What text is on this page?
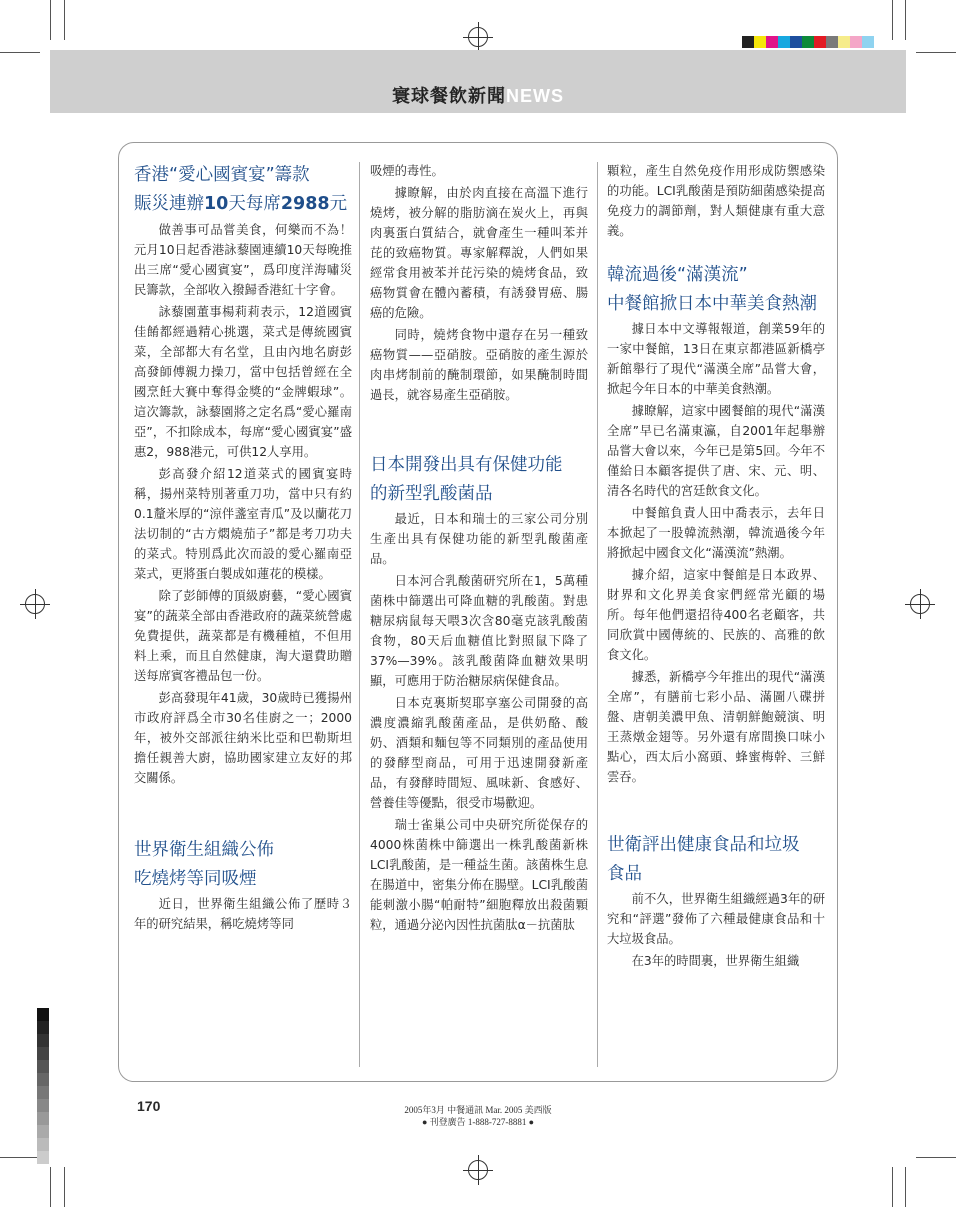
寰球餐飲新聞NEWS
香港“愛心國賓宴”籌款
賑災連辦10天每席2988元

做善事可品嘗美食，何樂而不為！元月10日起香港詠藜園連續10天每晚推出三席“愛心國賓宴”，爲印度洋海嘯災民籌款，全部收入撥歸香港紅十字會。

詠藜園董事楊莉莉表示，12道國賓佳餚都經過精心挑選，菜式是傳統國賓菜，全部都大有名堂，且由內地名廚彭高發師傅親力操刀，當中包括曾經在全國烹飪大賽中奪得金獎的“金牌蝦球”。這次籌款，詠藜園將之定名爲“愛心羅南亞”，不扣除成本，每席“愛心國賓宴”盛惠2，988港元，可供12人享用。

彭高發介紹12道菜式的國賓宴時稱，揚州菜特別著重刀功，當中只有約0.1釐米厚的“涼伴盞室青瓜”及以蘭花刀法切制的“古方燜燒茄子”都是考刀功夫的菜式。特別爲此次而設的愛心羅南亞菜式，更將蛋白製成如蓮花的模樣。

除了彭師傅的頂級廚藝，“愛心國賓宴”的蔬菜全部由香港政府的蔬菜統營處免費提供，蔬菜都是有機種植，不但用料上乘，而且自然健康，淘大還費助贈送每席賓客禮品包一份。

彭高發現年41歲，30歲時已獲揚州市政府評爲全市30名佳廚之一；2000年，被外交部派往納米比亞和巴勒斯坦擔任親善大廚，協助國家建立友好的邦交關係。

世界衛生組織公佈
吃燒烤等同吸煙

近日，世界衛生組織公佈了歷時３年的研究結果，稱吃燒烤等同

吸煙的毒性。

據瞭解，由於肉直接在高溫下進行燒烤，被分解的脂肪滴在炭火上，再與肉裏蛋白質結合，就會產生一種叫苯并芘的致癌物質。專家解釋說，人們如果經常食用被苯并芘污染的燒烤食品，致癌物質會在體內蓄積，有誘發胃癌、腸癌的危險。

同時，燒烤食物中還存在另一種致癌物質——亞硝胺。亞硝胺的產生源於肉串烤制前的醃制環節，如果醃制時間過長，就容易產生亞硝胺。

日本開發出具有保健功能
的新型乳酸菌品

最近，日本和瑞士的三家公司分別生產出具有保健功能的新型乳酸菌產品。

日本河合乳酸菌研究所在1，5萬種菌株中篩選出可降血糖的乳酸菌。對患糖尿病鼠每天喂3次含80毫克該乳酸菌食物，80天后血糖值比對照鼠下降了37%—39%。該乳酸菌降血糖效果明顯，可應用于防治糖尿病保健食品。

日本克裏斯契耶享塞公司開發的高濃度濃縮乳酸菌產品，是供奶酪、酸奶、酒類和麵包等不同類別的產品使用的發酵型商品，可用于迅速開發新產品，有發酵時間短、風味新、食感好、營養佳等優點，很受市場歡迎。

瑞士雀巢公司中央研究所從保存的4000株菌株中篩選出一株乳酸菌新株LCI乳酸菌，是一種益生菌。該菌株生息在腸道中，密集分佈在腸壁。LCI乳酸菌能刺激小腸“帕耐特”細胞釋放出殺菌顆粒，通過分泌內因性抗菌肽α－抗菌肽

顆粒，產生自然免疫作用形成防禦感染的功能。LCI乳酸菌是預防細菌感染提高免疫力的調節劑，對人類健康有重大意義。

韓流過後“滿漢流”
中餐館掀日本中華美食熱潮

據日本中文導報報道，創業59年的一家中餐館，13日在東京都港區新橋亭新館舉行了現代“滿漢全席”品嘗大會，掀起今年日本的中華美食熱潮。

據瞭解，這家中國餐館的現代“滿漢全席”早已名滿東瀛，自2001年起舉辦品嘗大會以來，今年已是第5回。今年不僅給日本顧客提供了唐、宋、元、明、清各名時代的宮廷飲食文化。

中餐館負責人田中喬表示，去年日本掀起了一股韓流熱潮，韓流過後今年將掀起中國食文化“滿漢流”熱潮。

據介紹，這家中餐館是日本政界、財界和文化界美食家們經常光顧的場所。每年他們還招待400名老顧客，共同欣賞中國傳統的、民族的、高雅的飲食文化。

據悉，新橋亭今年推出的現代“滿漢全席”，有膳前七彩小品、滿圖八碟拼盤、唐朝美濃甲魚、清朝鮮鮑競演、明王蒸燉金翅等。另外還有席間換口味小點心，西太后小窩頭、蜂蜜梅幹、三鮮雲吞。

世衛評出健康食品和垃圾
食品

前不久，世界衛生組織經過3年的研究和“評選”發佈了六種最健康食品和十大垃圾食品。

在3年的時間裏，世界衛生組織

170	2005年3月 中餐通訊 Mar. 2005 美西版
● 刊登廣告 1-888-727-8881 ●
